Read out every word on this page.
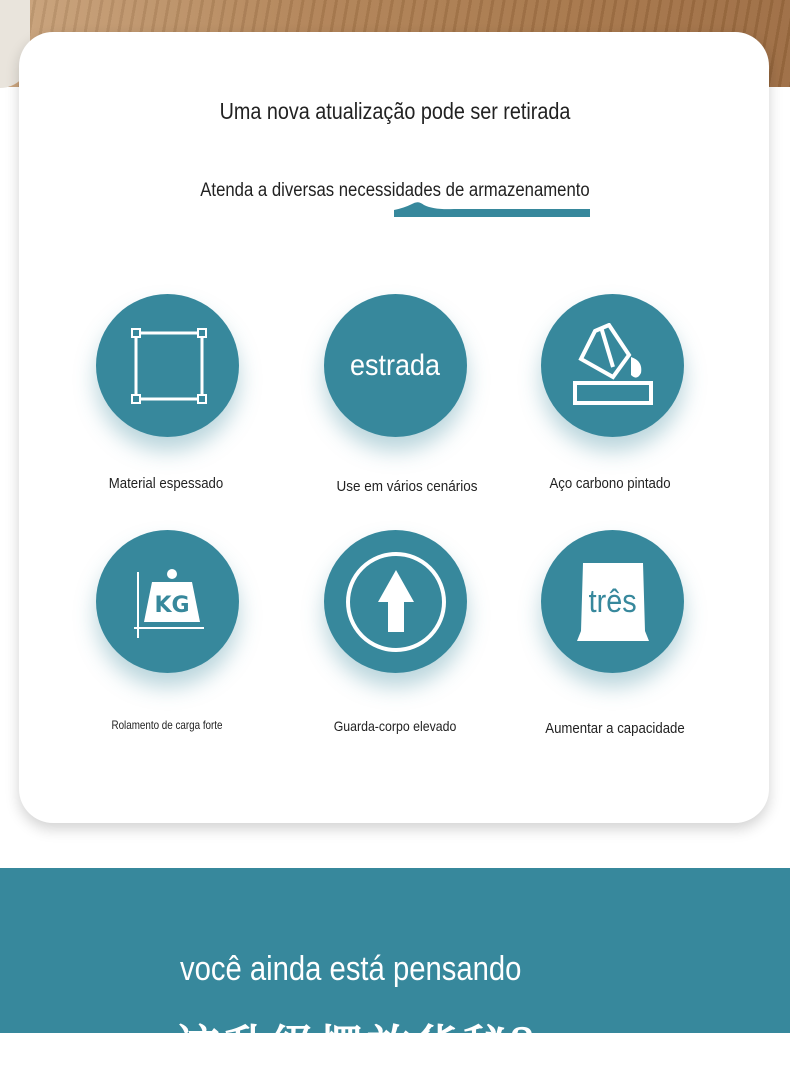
Uma nova atualização pode ser retirada
Atenda a diversas necessidades de armazenamento
estrada
Material espessado	Use em vários cenários	Aço carbono pintado
KG	três
Rolamento de carga forte	Guarda-corpo elevado	Aumentar a capacidade
você ainda está pensando
该升级摆放货秘？
